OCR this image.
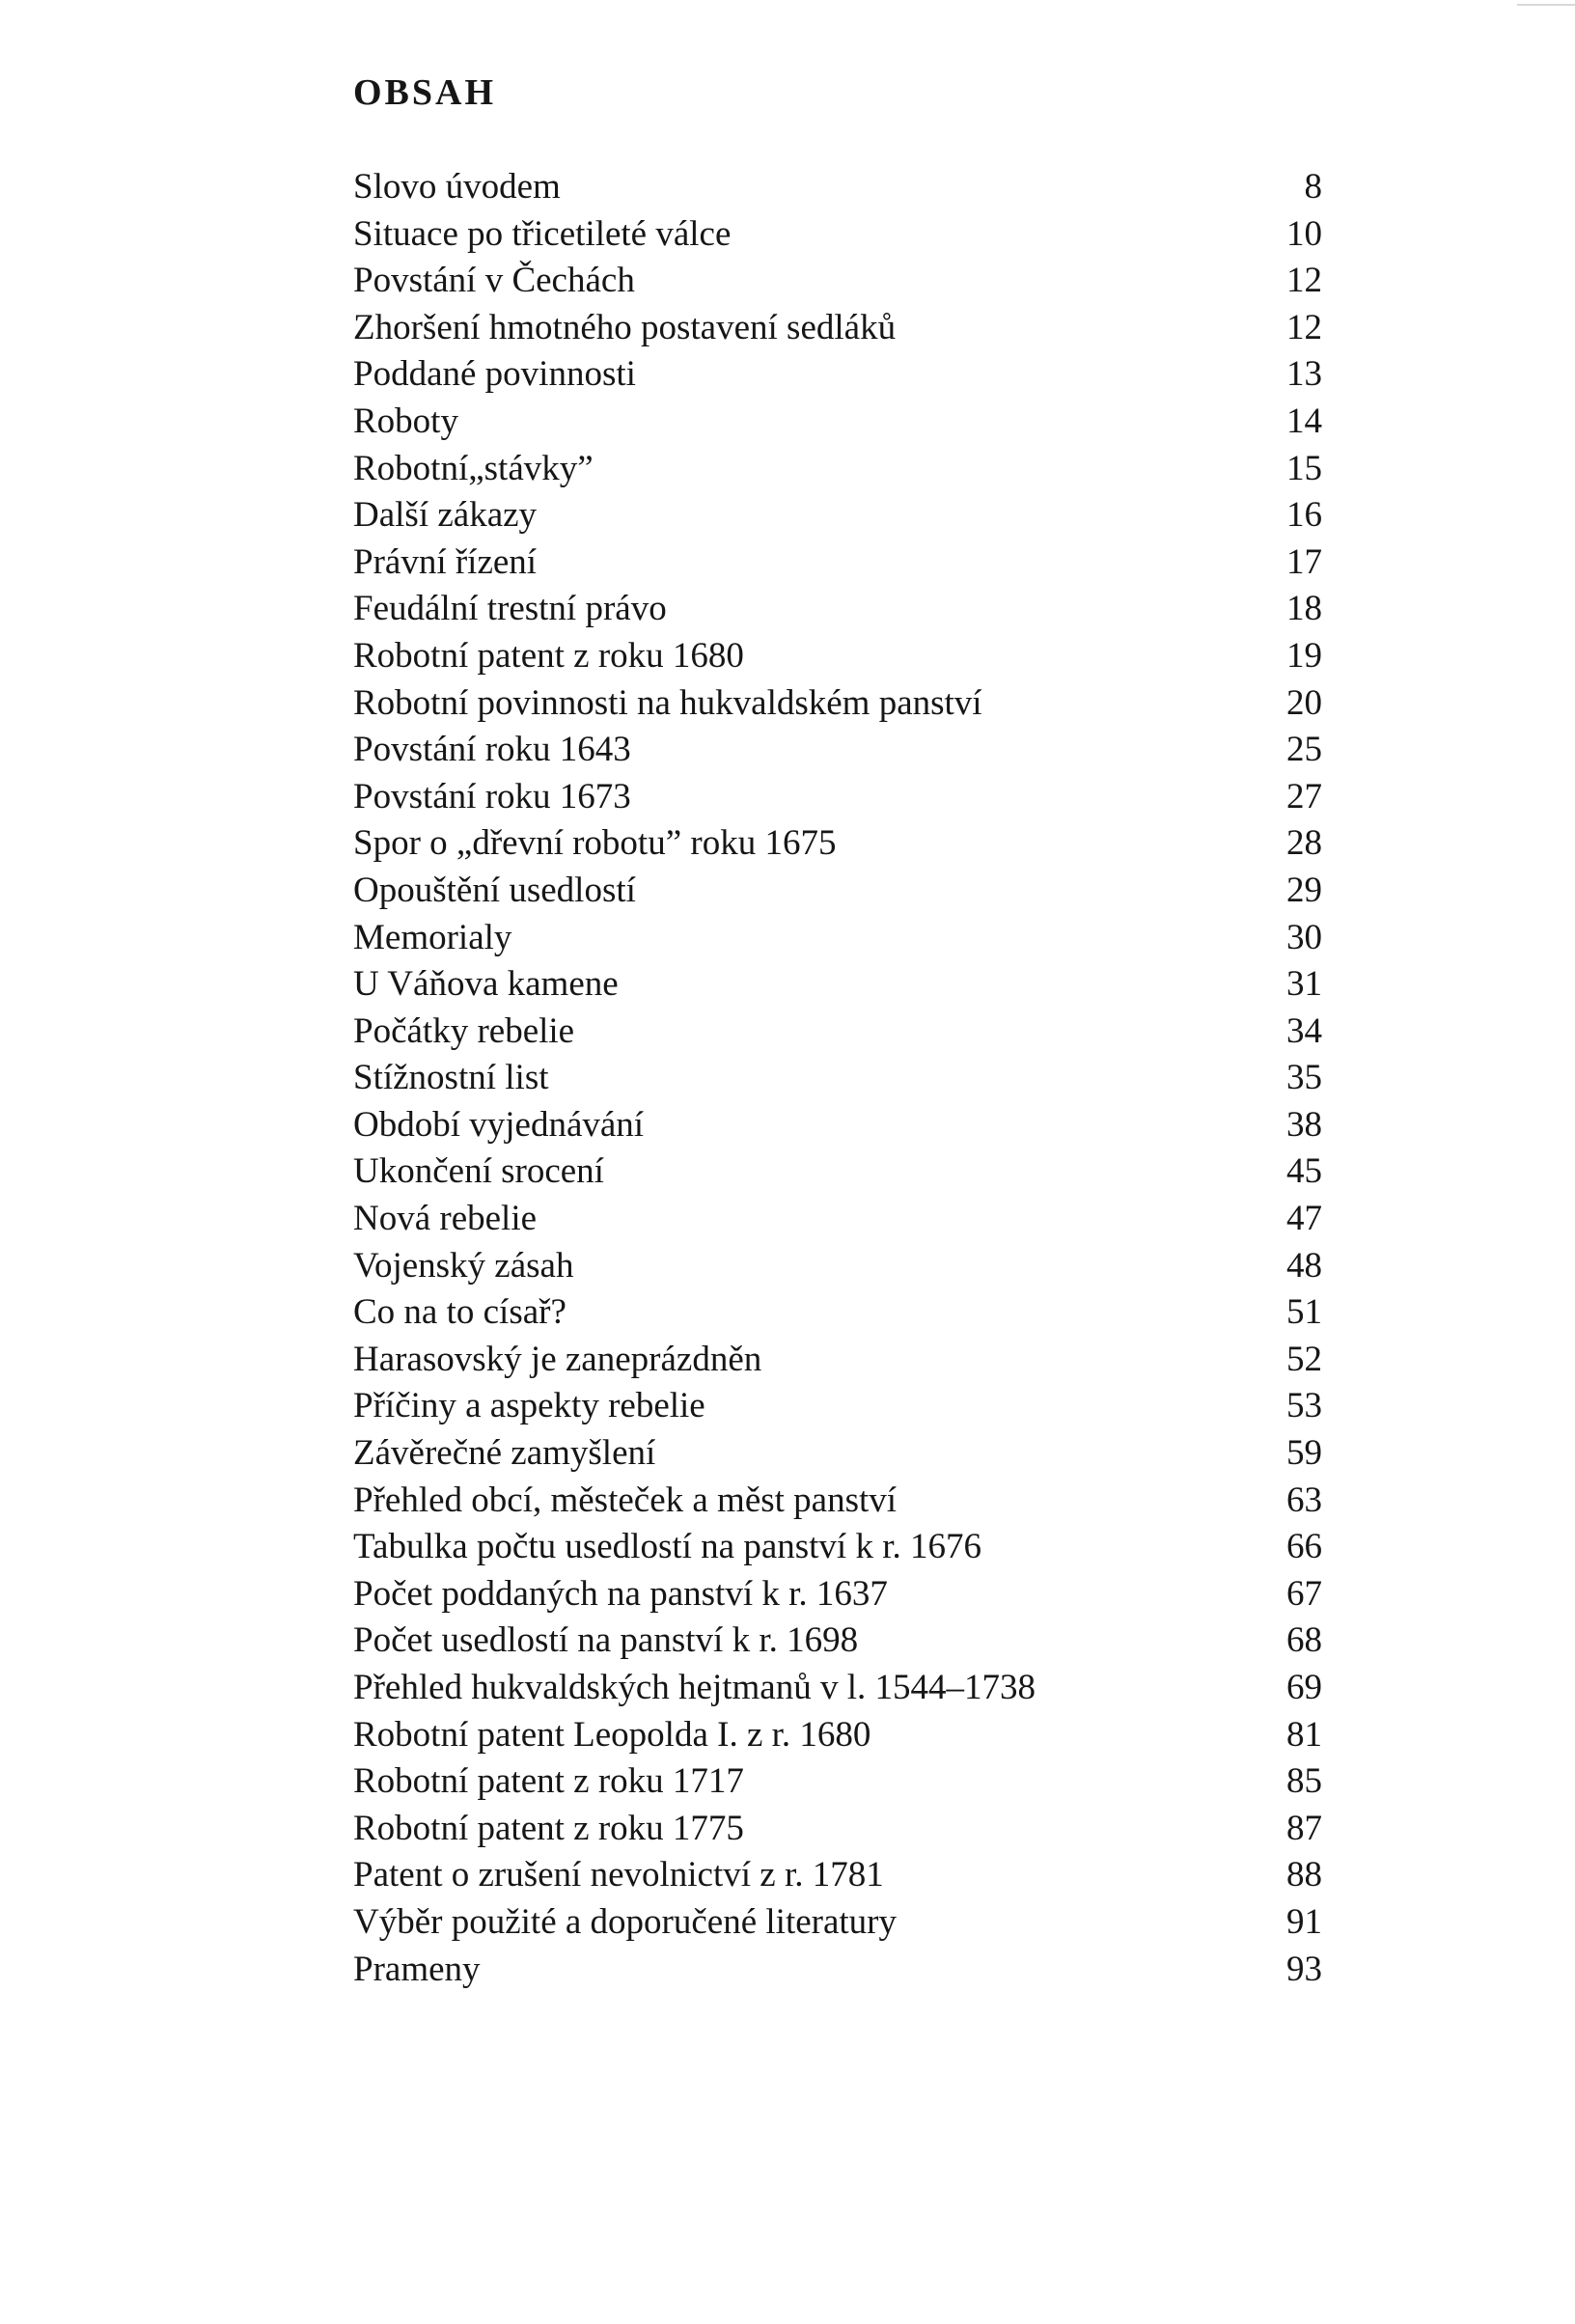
OBSAH
Slovo úvodem	8
Situace po třicetileté válce	10
Povstání v Čechách	12
Zhoršení hmotného postavení sedláků	12
Poddané povinnosti	13
Roboty	14
Robotní„stávky”	15
Další zákazy	16
Právní řízení	17
Feudální trestní právo	18
Robotní patent z roku 1680	19
Robotní povinnosti na hukvaldském panství	20
Povstání roku 1643	25
Povstání roku 1673	27
Spor o „dřevní robotu” roku 1675	28
Opouštění usedlostí	29
Memorialy	30
U Váňova kamene	31
Počátky rebelie	34
Stížnostní list	35
Období vyjednávání	38
Ukončení srocení	45
Nová rebelie	47
Vojenský zásah	48
Co na to císař?	51
Harasovský je zaneprázdněn	52
Příčiny a aspekty rebelie	53
Závěrečné zamyšlení	59
Přehled obcí, městeček a měst panství	63
Tabulka počtu usedlostí na panství k r. 1676	66
Počet poddaných na panství k r. 1637	67
Počet usedlostí na panství k r. 1698	68
Přehled hukvaldských hejtmanů v l. 1544–1738	69
Robotní patent Leopolda I. z r. 1680	81
Robotní patent z roku 1717	85
Robotní patent z roku 1775	87
Patent o zrušení nevolnictví z r. 1781	88
Výběr použité a doporučené literatury	91
Prameny	93
